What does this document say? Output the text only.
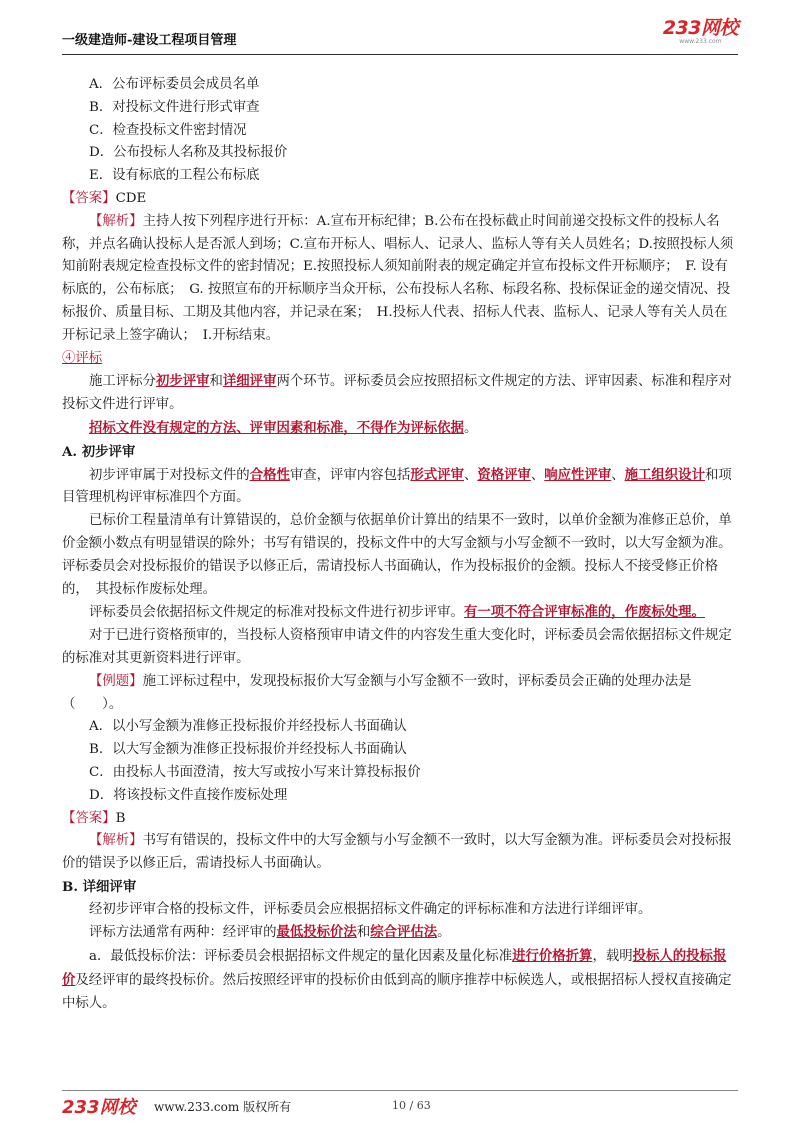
一级建造师-建设工程项目管理
233网校
www.233.com

A．公布评标委员会成员名单

B．对投标文件进行形式审查

C．检查投标文件密封情况

D．公布投标人名称及其投标报价

E．设有标底的工程公布标底

【答案】CDE

【解析】主持人按下列程序进行开标：A.宣布开标纪律；B.公布在投标截止时间前递交投标文件的投标人名称，并点名确认投标人是否派人到场；C.宣布开标人、唱标人、记录人、监标人等有关人员姓名；D.按照投标人须知前附表规定检查投标文件的密封情况；E.按照投标人须知前附表的规定确定并宣布投标文件开标顺序；　F. 设有标底的，公布标底；　G. 按照宣布的开标顺序当众开标，公布投标人名称、标段名称、投标保证金的递交情况、投标报价、质量目标、工期及其他内容，并记录在案；　H.投标人代表、招标人代表、监标人、记录人等有关人员在开标记录上签字确认；　I.开标结束。

④评标

施工评标分初步评审和详细评审两个环节。评标委员会应按照招标文件规定的方法、评审因素、标准和程序对投标文件进行评审。

招标文件没有规定的方法、评审因素和标准，不得作为评标依据。

A. 初步评审

初步评审属于对投标文件的合格性审查，评审内容包括形式评审、资格评审、响应性评审、施工组织设计和项目管理机构评审标准四个方面。

已标价工程量清单有计算错误的，总价金额与依据单价计算出的结果不一致时，以单价金额为准修正总价，单价金额小数点有明显错误的除外；书写有错误的，投标文件中的大写金额与小写金额不一致时，以大写金额为准。评标委员会对投标报价的错误予以修正后，需请投标人书面确认，作为投标报价的金额。投标人不接受修正价格的，　其投标作废标处理。

评标委员会依据招标文件规定的标准对投标文件进行初步评审。有一项不符合评审标准的，作废标处理。

对于已进行资格预审的，当投标人资格预审申请文件的内容发生重大变化时，评标委员会需依据招标文件规定的标准对其更新资料进行评审。

【例题】施工评标过程中，发现投标报价大写金额与小写金额不一致时，评标委员会正确的处理办法是（　　）。

A．以小写金额为准修正投标报价并经投标人书面确认

B．以大写金额为准修正投标报价并经投标人书面确认

C．由投标人书面澄清，按大写或按小写来计算投标报价

D．将该投标文件直接作废标处理

【答案】B

【解析】书写有错误的，投标文件中的大写金额与小写金额不一致时，以大写金额为准。评标委员会对投标报价的错误予以修正后，需请投标人书面确认。

B. 详细评审

经初步评审合格的投标文件，评标委员会应根据招标文件确定的评标标准和方法进行详细评审。

评标方法通常有两种：经评审的最低投标价法和综合评估法。

a．最低投标价法：评标委员会根据招标文件规定的量化因素及量化标准进行价格折算，载明投标人的投标报价及经评审的最终投标价。然后按照经评审的投标价由低到高的顺序推荐中标候选人，或根据招标人授权直接确定中标人。

233网校 www.233.com 版权所有	10 / 63
